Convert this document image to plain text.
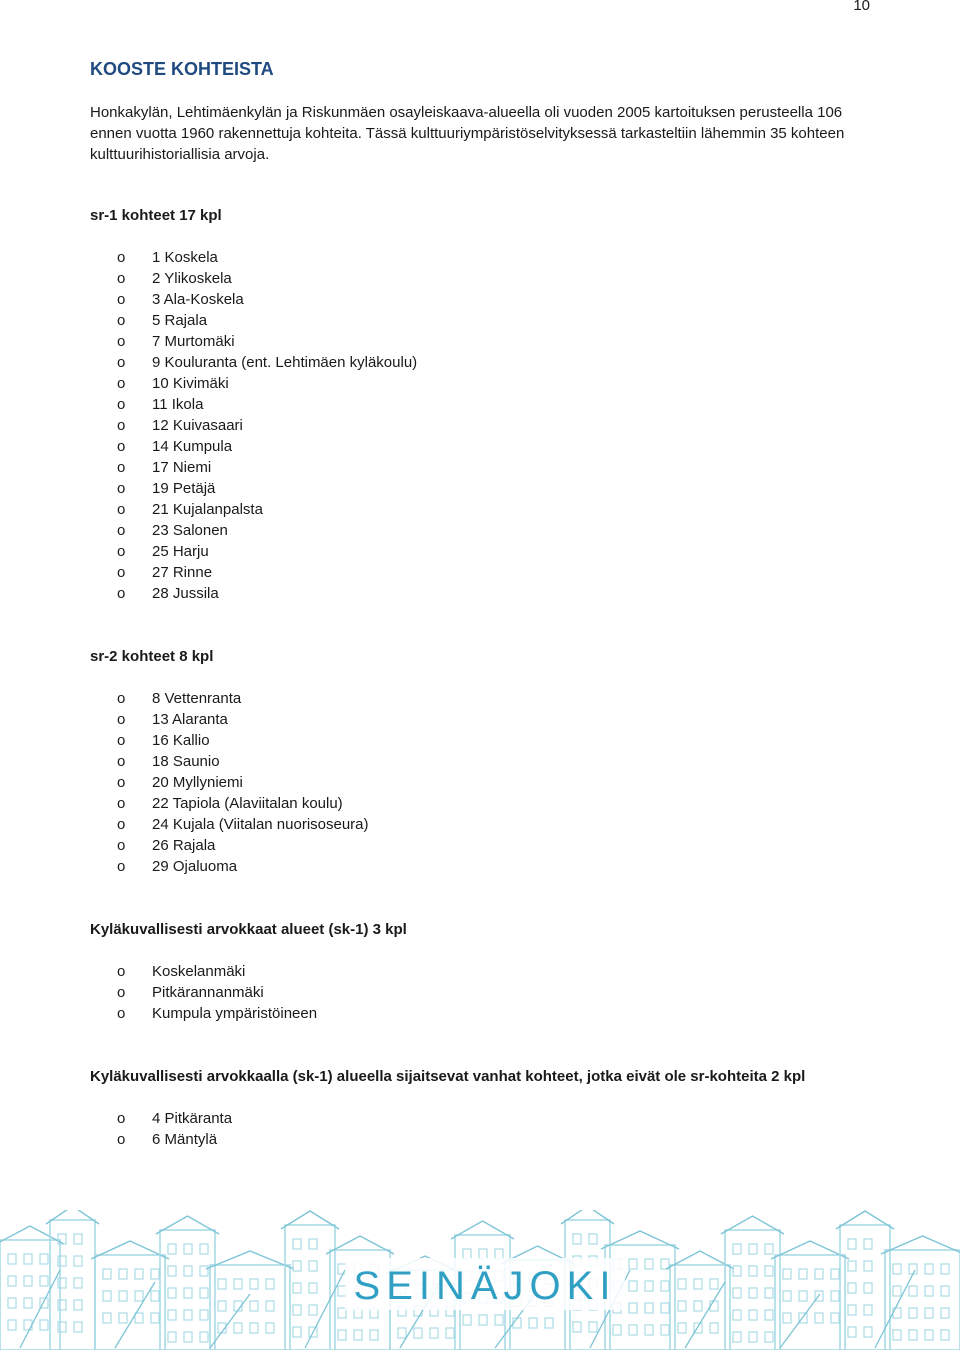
10
KOOSTE KOHTEISTA

Honkakylän, Lehtimäenkylän ja Riskunmäen osayleiskaava-alueella oli vuoden 2005 kartoituksen perusteella 106 ennen vuotta 1960 rakennettuja kohteita. Tässä kulttuuriympäristöselvityksessä tarkasteltiin lähemmin 35 kohteen kulttuurihistoriallisia arvoja.

sr-1 kohteet 17 kpl
o 1 Koskela
o 2 Ylikoskela
o 3 Ala-Koskela
o 5 Rajala
o 7 Murtomäki
o 9 Kouluranta (ent. Lehtimäen kyläkoulu)
o 10 Kivimäki
o 11 Ikola
o 12 Kuivasaari
o 14 Kumpula
o 17 Niemi
o 19 Petäjä
o 21 Kujalanpalsta
o 23 Salonen
o 25 Harju
o 27 Rinne
o 28 Jussila
sr-2 kohteet 8 kpl
o 8 Vettenranta
o 13 Alaranta
o 16 Kallio
o 18 Saunio
o 20 Myllyniemi
o 22 Tapiola (Alaviitalan koulu)
o 24 Kujala (Viitalan nuorisoseura)
o 26 Rajala
o 29 Ojaluoma
Kyläkuvallisesti arvokkaat alueet (sk-1) 3 kpl
o Koskelanmäki
o Pitkärannanmäki
o Kumpula ympäristöineen
Kyläkuvallisesti arvokkaalla (sk-1) alueella sijaitsevat vanhat kohteet, jotka eivät ole sr-kohteita 2 kpl
o 4 Pitkäranta
o 6 Mäntylä
SEINÄJOKI
